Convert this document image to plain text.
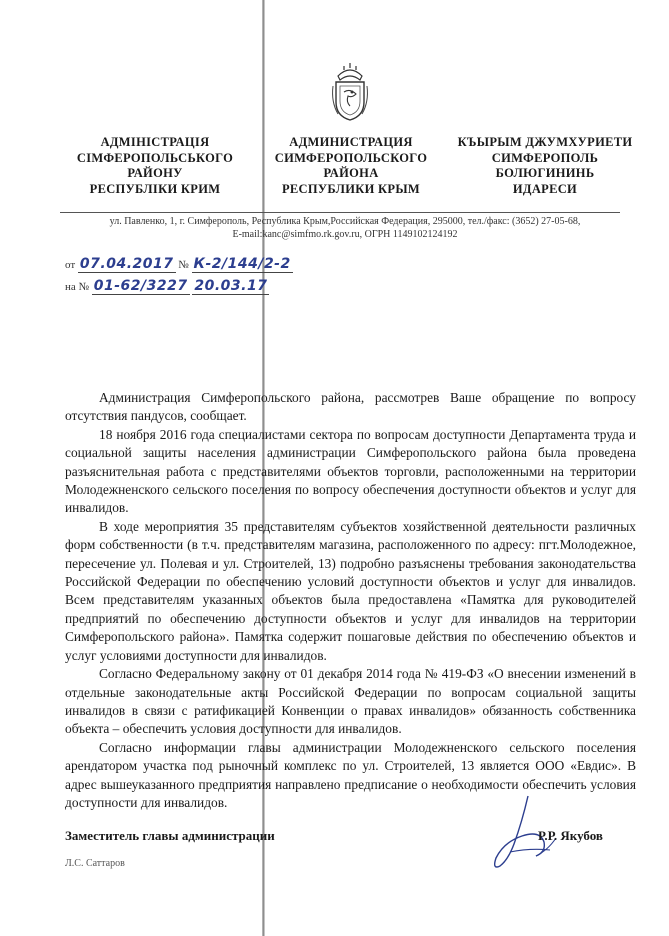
АДМІНІСТРАЦІЯ
СІМФЕРОПОЛЬСЬКОГО
РАЙОНУ
РЕСПУБЛІКИ КРИМ
АДМИНИСТРАЦИЯ
СИМФЕРОПОЛЬСКОГО
РАЙОНА
РЕСПУБЛИКИ КРЫМ
КЪЫРЫМ ДЖУМХУРИЕТИ
СИМФЕРОПОЛЬ
БОЛЮГИНИНЬ
ИДАРЕСИ
ул. Павленко, 1, г. Симферополь, Республика Крым,Российская Федерация, 295000, тел./факс: (3652) 27-05-68,
E-mail:kanc@simfmo.rk.gov.ru, ОГРН 1149102124192
от 07.04.2017 № К-2/144/2-2
на № 01-62/3227 20.03.17

Администрация Симферопольского района, рассмотрев Ваше обращение по вопросу отсутствия пандусов, сообщает.

18 ноября 2016 года специалистами сектора по вопросам доступности Департамента труда и социальной защиты населения администрации Симферопольского района была проведена разъяснительная работа с представителями объектов торговли, расположенными на территории Молодежненского сельского поселения по вопросу обеспечения доступности объектов и услуг для инвалидов.

В ходе мероприятия 35 представителям субъектов хозяйственной деятельности различных форм собственности (в т.ч. представителям магазина, расположенного по адресу: пгт.Молодежное, пересечение ул. Полевая и ул. Строителей, 13) подробно разъяснены требования законодательства Российской Федерации по обеспечению условий доступности объектов и услуг для инвалидов. Всем представителям указанных объектов была предоставлена «Памятка для руководителей предприятий по обеспечению доступности объектов и услуг для инвалидов на территории Симферопольского района». Памятка содержит пошаговые действия по обеспечению объектов и услуг условиями доступности для инвалидов.

Согласно Федеральному закону от 01 декабря 2014 года № 419-ФЗ «О внесении изменений в отдельные законодательные акты Российской Федерации по вопросам социальной защиты инвалидов в связи с ратификацией Конвенции о правах инвалидов» обязанность собственника объекта – обеспечить условия доступности для инвалидов.

Согласно информации главы администрации Молодежненского сельского поселения арендатором участка под рыночный комплекс по ул. Строителей, 13 является ООО «Евдис». В адрес вышеуказанного предприятия направлено предписание о необходимости обеспечить условия доступности для инвалидов.

Заместитель главы администрации	Р.Р. Якубов
Л.С. Саттаров
